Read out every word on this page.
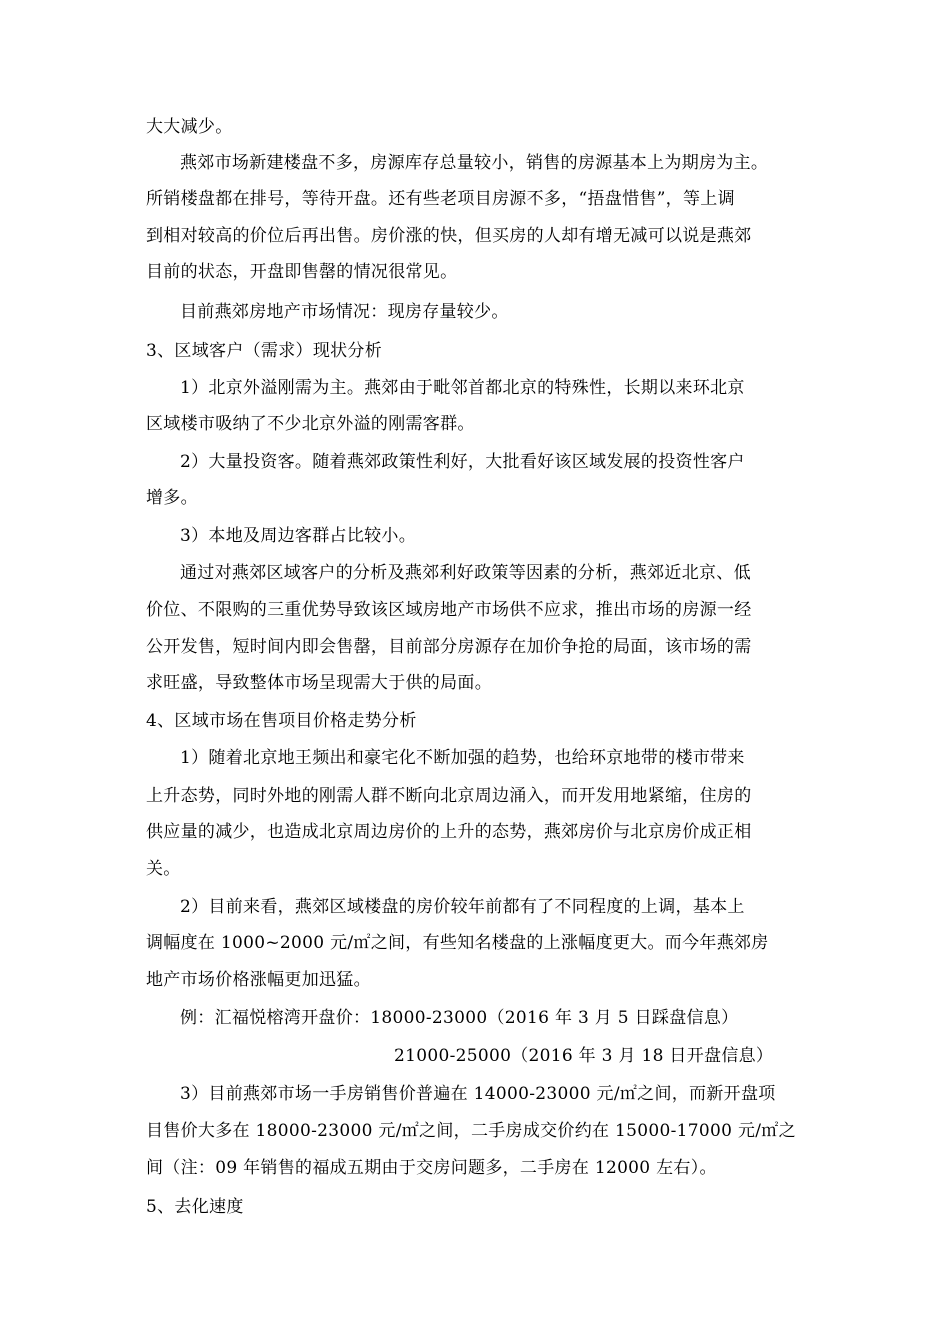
大大减少。
燕郊市场新建楼盘不多，房源库存总量较小，销售的房源基本上为期房为主。
所销楼盘都在排号，等待开盘。还有些老项目房源不多，“捂盘惜售”，等上调
到相对较高的价位后再出售。房价涨的快，但买房的人却有增无减可以说是燕郊
目前的状态，开盘即售罄的情况很常见。
目前燕郊房地产市场情况：现房存量较少。
3、区域客户（需求）现状分析
1）北京外溢刚需为主。燕郊由于毗邻首都北京的特殊性，长期以来环北京
区域楼市吸纳了不少北京外溢的刚需客群。
2）大量投资客。随着燕郊政策性利好，大批看好该区域发展的投资性客户
增多。
3）本地及周边客群占比较小。
通过对燕郊区域客户的分析及燕郊利好政策等因素的分析，燕郊近北京、低
价位、不限购的三重优势导致该区域房地产市场供不应求，推出市场的房源一经
公开发售，短时间内即会售罄，目前部分房源存在加价争抢的局面，该市场的需
求旺盛，导致整体市场呈现需大于供的局面。
4、区域市场在售项目价格走势分析
1）随着北京地王频出和豪宅化不断加强的趋势，也给环京地带的楼市带来
上升态势，同时外地的刚需人群不断向北京周边涌入，而开发用地紧缩，住房的
供应量的减少，也造成北京周边房价的上升的态势，燕郊房价与北京房价成正相
关。
2）目前来看，燕郊区域楼盘的房价较年前都有了不同程度的上调，基本上
调幅度在 1000~2000 元/㎡之间，有些知名楼盘的上涨幅度更大。而今年燕郊房
地产市场价格涨幅更加迅猛。
例：汇福悦榕湾开盘价：18000-23000（2016 年 3 月 5 日踩盘信息）
21000-25000（2016 年 3 月 18 日开盘信息）
3）目前燕郊市场一手房销售价普遍在 14000-23000 元/㎡之间，而新开盘项
目售价大多在 18000-23000 元/㎡之间，二手房成交价约在 15000-17000 元/㎡之
间（注：09 年销售的福成五期由于交房问题多，二手房在 12000 左右）。
5、去化速度
